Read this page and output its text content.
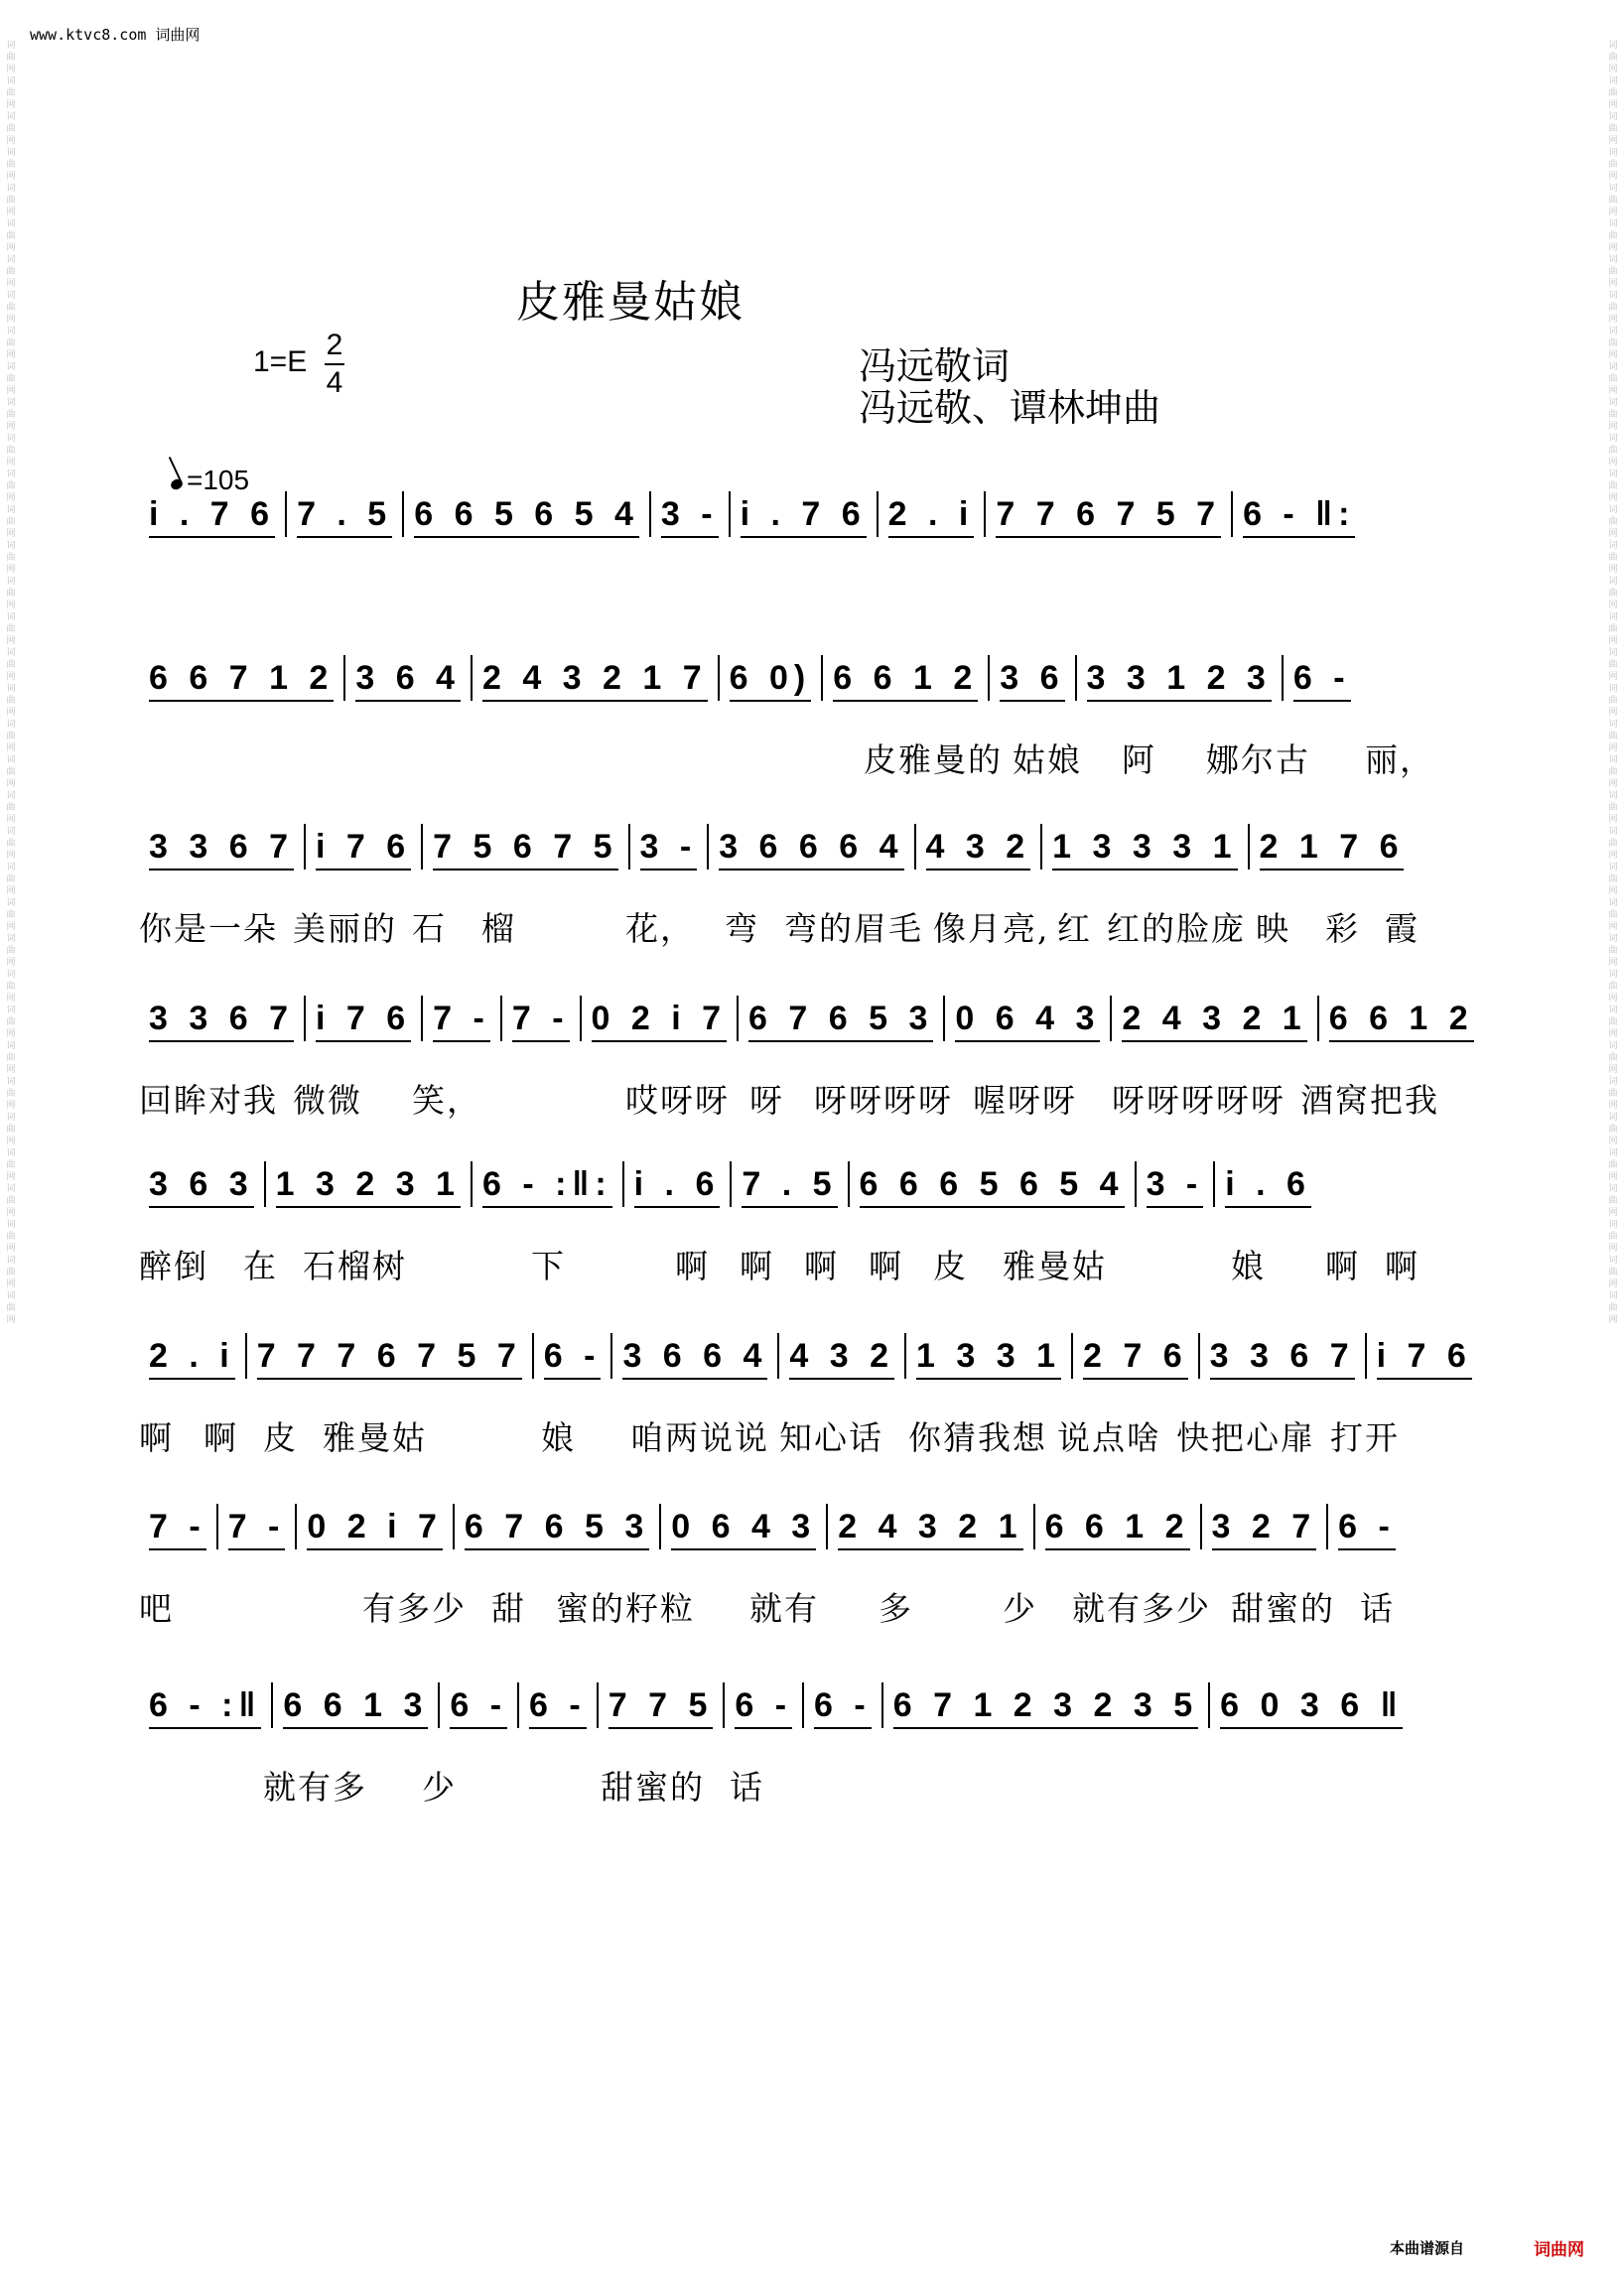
www.ktvc8.com 词曲网
词曲网词曲网词曲网词曲网词曲网词曲网词曲网词曲网词曲网词曲网词曲网词曲网词曲网词曲网词曲网词曲网词曲网词曲网词曲网词曲网词曲网词曲网词曲网词曲网词曲网词曲网词曲网词曲网词曲网词曲网词曲网词曲网词曲网词曲网词曲网词曲网
词曲网词曲网词曲网词曲网词曲网词曲网词曲网词曲网词曲网词曲网词曲网词曲网词曲网词曲网词曲网词曲网词曲网词曲网词曲网词曲网词曲网词曲网词曲网词曲网词曲网词曲网词曲网词曲网词曲网词曲网词曲网词曲网词曲网词曲网词曲网词曲网
皮雅曼姑娘
1=E
2
4	冯远敬词
冯远敬、谭林坤曲
=105
i . 7 6 7 . 5 6 6 5 6 5 4 3 - i . 7 6 2 . i 7 7 6 7 5 7 6 - ‖:
6 6 7 1 2 3 6 4 2 4 3 2 1 7 6 0) 6 6 1 2 3 6 3 3 1 2 3 6 -
皮雅曼的 姑娘 阿 娜尔古 丽，
3 3 6 7 i 7 6 7 5 6 7 5 3 - 3 6 6 6 4 4 3 2 1 3 3 3 1 2 1 7 6
你是一朵 美丽的 石 榴	花， 弯 弯的眉毛 像月亮, 红 红的脸庞 映 彩 霞
3 3 6 7 i 7 6 7 - 7 - 0 2 i 7 6 7 6 5 3 0 6 4 3 2 4 3 2 1 6 6 1 2
回眸对我 微微 笑，	哎呀呀 呀 呀呀呀呀 喔呀呀 呀呀呀呀呀 酒窝把我
3 6 3 1 3 2 3 1 6 - :‖: i . 6 7 . 5 6 6 6 5 6 5 4 3 - i . 6
醉倒 在 石榴树	下	啊 啊 啊 啊 皮 雅曼姑	娘 啊 啊
2 . i 7 7 7 6 7 5 7 6 - 3 6 6 4 4 3 2 1 3 3 1 2 7 6 3 3 6 7 i 7 6
啊 啊 皮 雅曼姑	娘 咱两说说 知心话 你猜我想 说点啥 快把心扉 打开
7 - 7 - 0 2 i 7 6 7 6 5 3 0 6 4 3 2 4 3 2 1 6 6 1 2 3 2 7 6 -
吧	有多少 甜 蜜的籽粒 就有 多	少 就有多少 甜蜜的 话
6 - :‖ 6 6 1 3 6 - 6 - 7 7 5 6 - 6 - 6 7 1 2 3 2 3 5 6 0 3 6 ‖
就有多 少	甜蜜的 话
本曲谱源自	词曲网
